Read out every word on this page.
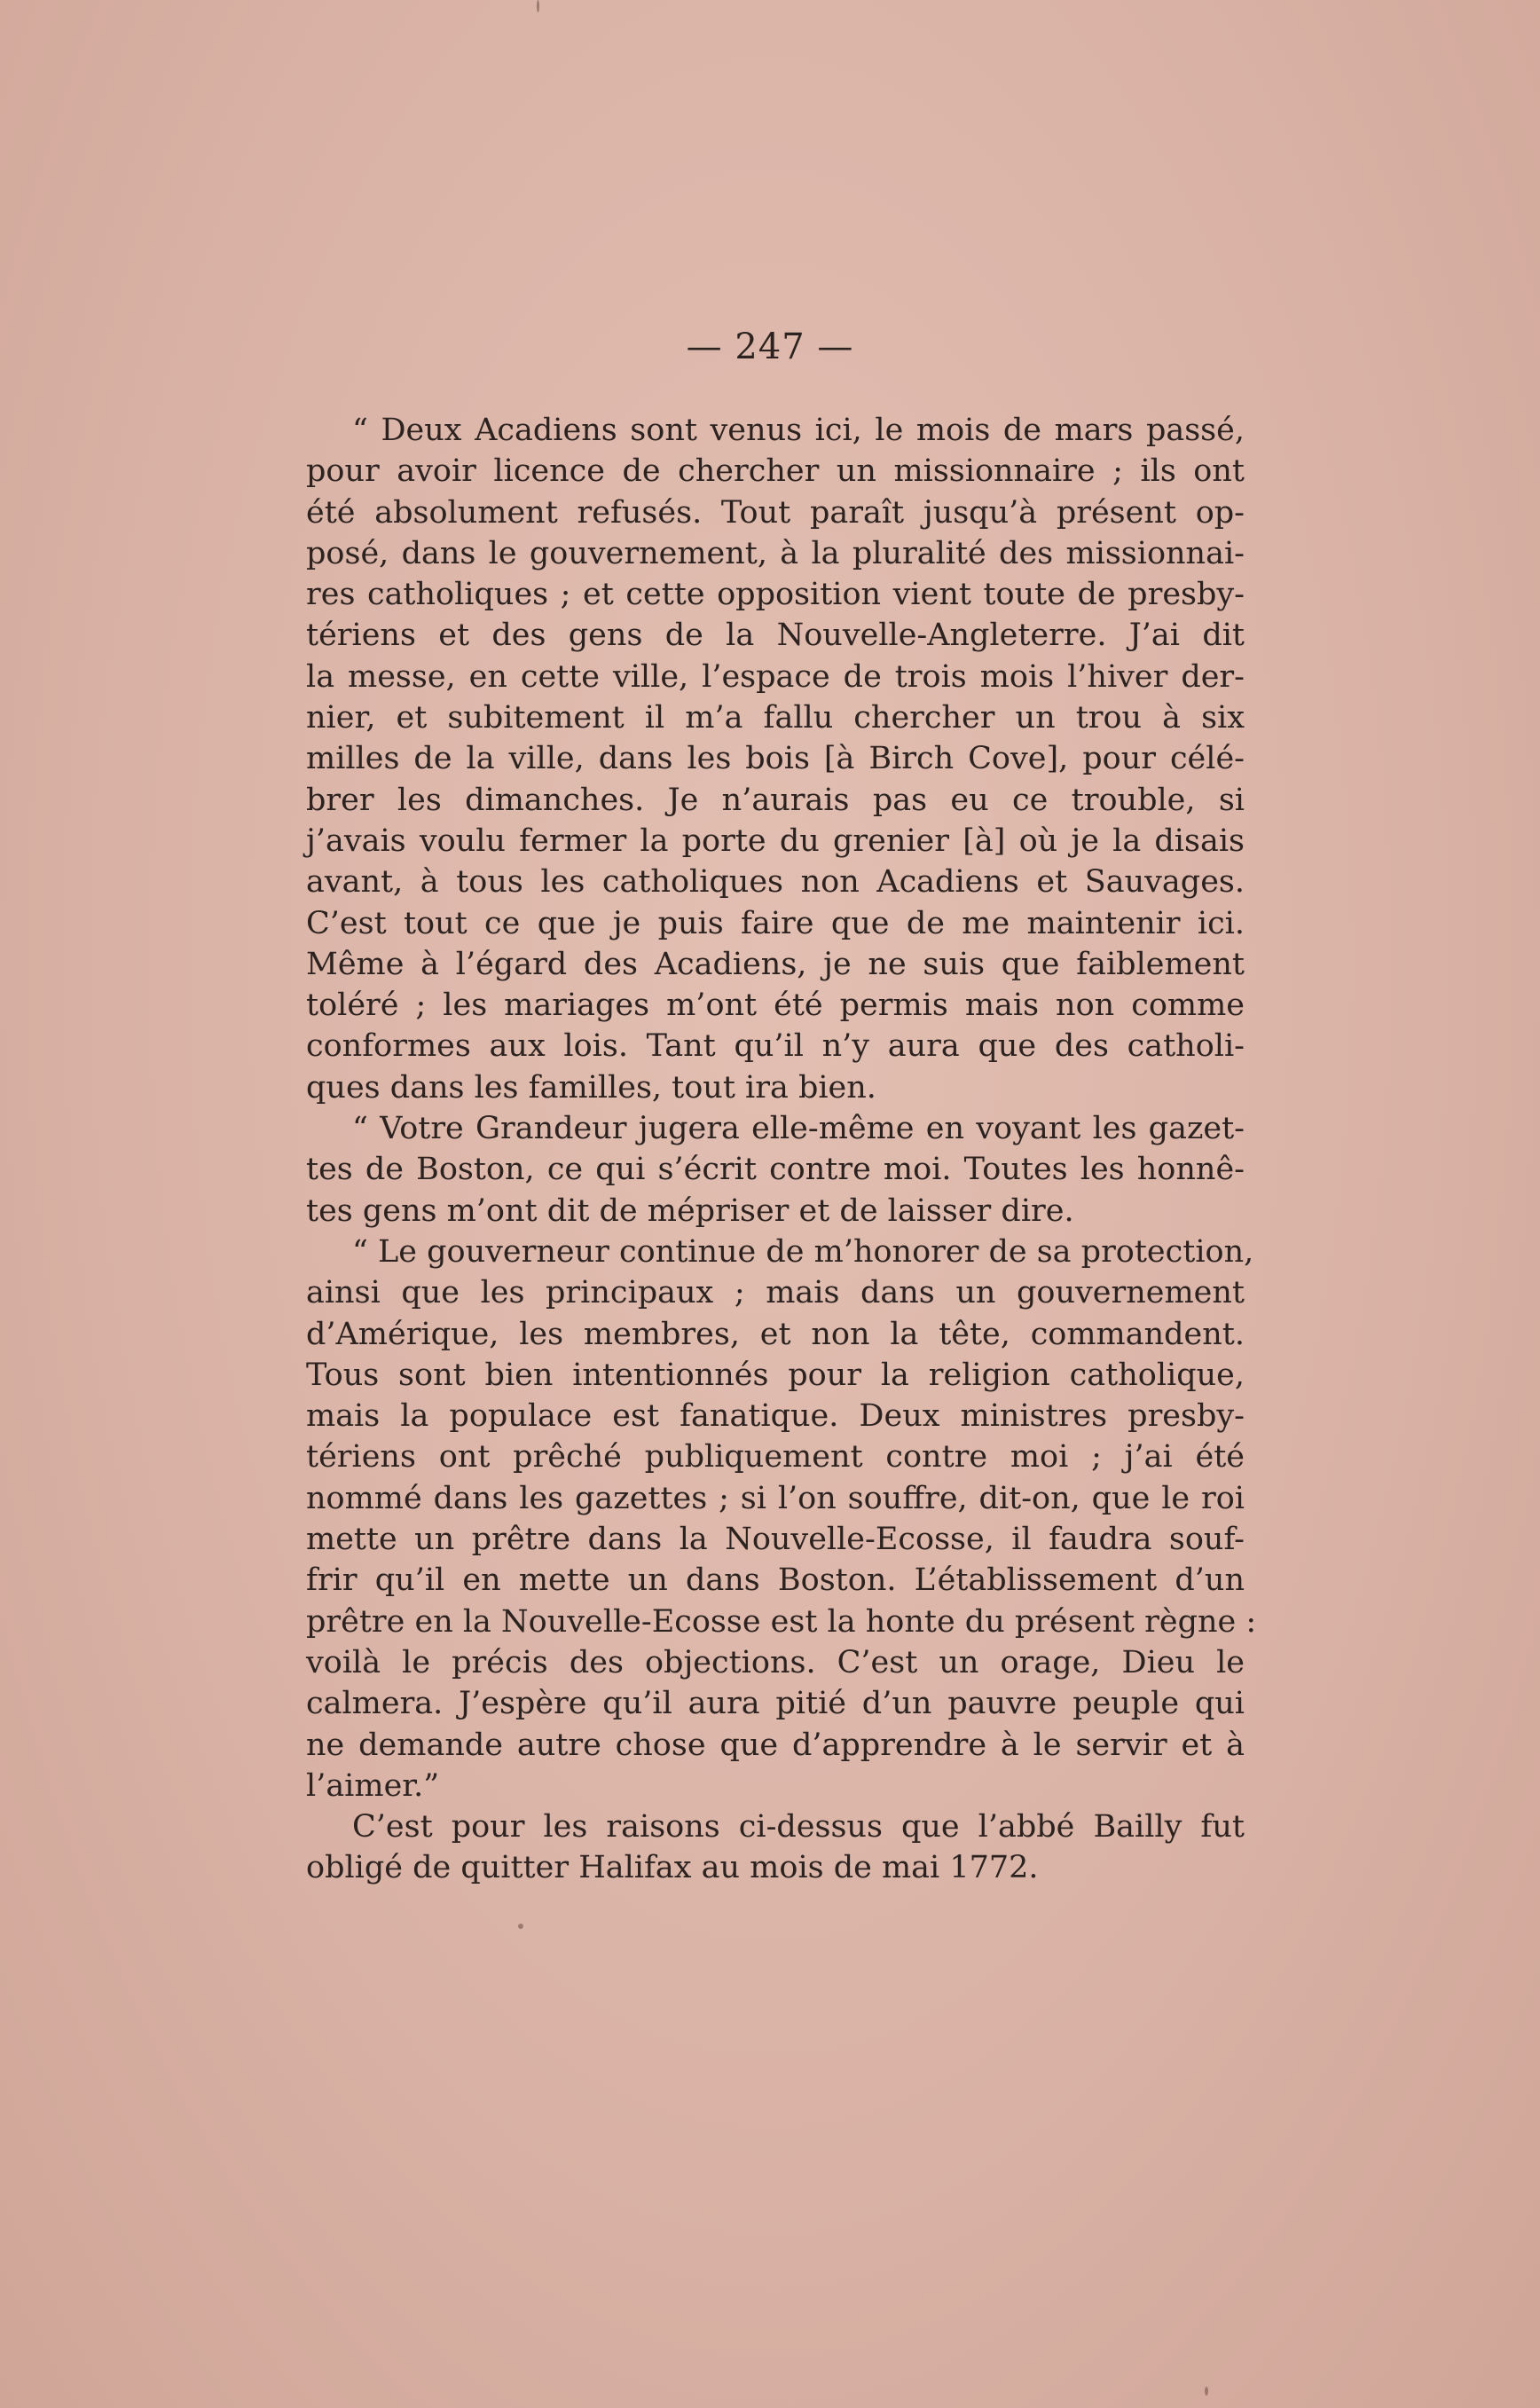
— 247 —

“ Deux Acadiens sont venus ici, le mois de mars passé,
pour avoir licence de chercher un missionnaire ; ils ont
été absolument refusés. Tout paraît jusqu’à présent op-
posé, dans le gouvernement, à la pluralité des missionnai-
res catholiques ; et cette opposition vient toute de presby-
tériens et des gens de la Nouvelle-Angleterre. J’ai dit
la messe, en cette ville, l’espace de trois mois l’hiver der-
nier, et subitement il m’a fallu chercher un trou à six
milles de la ville, dans les bois [à Birch Cove], pour célé-
brer les dimanches. Je n’aurais pas eu ce trouble, si
j’avais voulu fermer la porte du grenier [à] où je la disais
avant, à tous les catholiques non Acadiens et Sauvages.
C’est tout ce que je puis faire que de me maintenir ici.
Même à l’égard des Acadiens, je ne suis que faiblement
toléré ; les mariages m’ont été permis mais non comme
conformes aux lois. Tant qu’il n’y aura que des catholi-
ques dans les familles, tout ira bien.

“ Votre Grandeur jugera elle-même en voyant les gazet-
tes de Boston, ce qui s’écrit contre moi. Toutes les honnê-
tes gens m’ont dit de mépriser et de laisser dire.

“ Le gouverneur continue de m’honorer de sa protection,
ainsi que les principaux ; mais dans un gouvernement
d’Amérique, les membres, et non la tête, commandent.
Tous sont bien intentionnés pour la religion catholique,
mais la populace est fanatique. Deux ministres presby-
tériens ont prêché publiquement contre moi ; j’ai été
nommé dans les gazettes ; si l’on souffre, dit-on, que le roi
mette un prêtre dans la Nouvelle-Ecosse, il faudra souf-
frir qu’il en mette un dans Boston. L’établissement d’un
prêtre en la Nouvelle-Ecosse est la honte du présent règne :
voilà le précis des objections. C’est un orage, Dieu le
calmera. J’espère qu’il aura pitié d’un pauvre peuple qui
ne demande autre chose que d’apprendre à le servir et à
l’aimer.”

C’est pour les raisons ci-dessus que l’abbé Bailly fut
obligé de quitter Halifax au mois de mai 1772.
